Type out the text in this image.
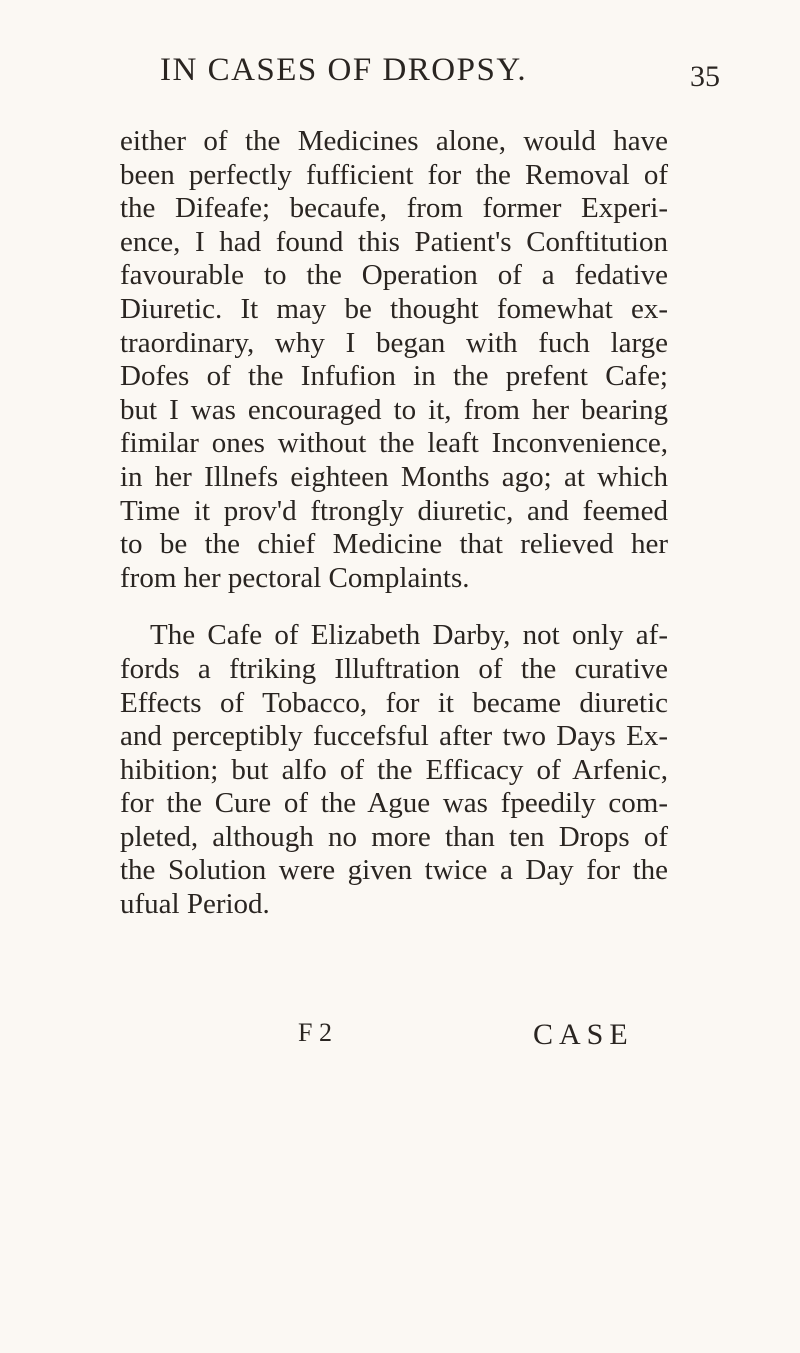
IN CASES OF DROPSY.	35
either of the Medicines alone, would have
been perfectly fufficient for the Removal of
the Difeafe; becaufe, from former Experi-
ence, I had found this Patient's Conftitution
favourable to the Operation of a fedative
Diuretic. It may be thought fomewhat ex-
traordinary, why I began with fuch large
Dofes of the Infufion in the prefent Cafe;
but I was encouraged to it, from her bearing
fimilar ones without the leaft Inconvenience,
in her Illnefs eighteen Months ago; at which
Time it prov'd ftrongly diuretic, and feemed
to be the chief Medicine that relieved her
from her pectoral Complaints.
The Cafe of Elizabeth Darby, not only af-
fords a ftriking Illuftration of the curative
Effects of Tobacco, for it became diuretic
and perceptibly fuccefsful after two Days Ex-
hibition; but alfo of the Efficacy of Arfenic,
for the Cure of the Ague was fpeedily com-
pleted, although no more than ten Drops of
the Solution were given twice a Day for the
ufual Period.
F 2	CASE
